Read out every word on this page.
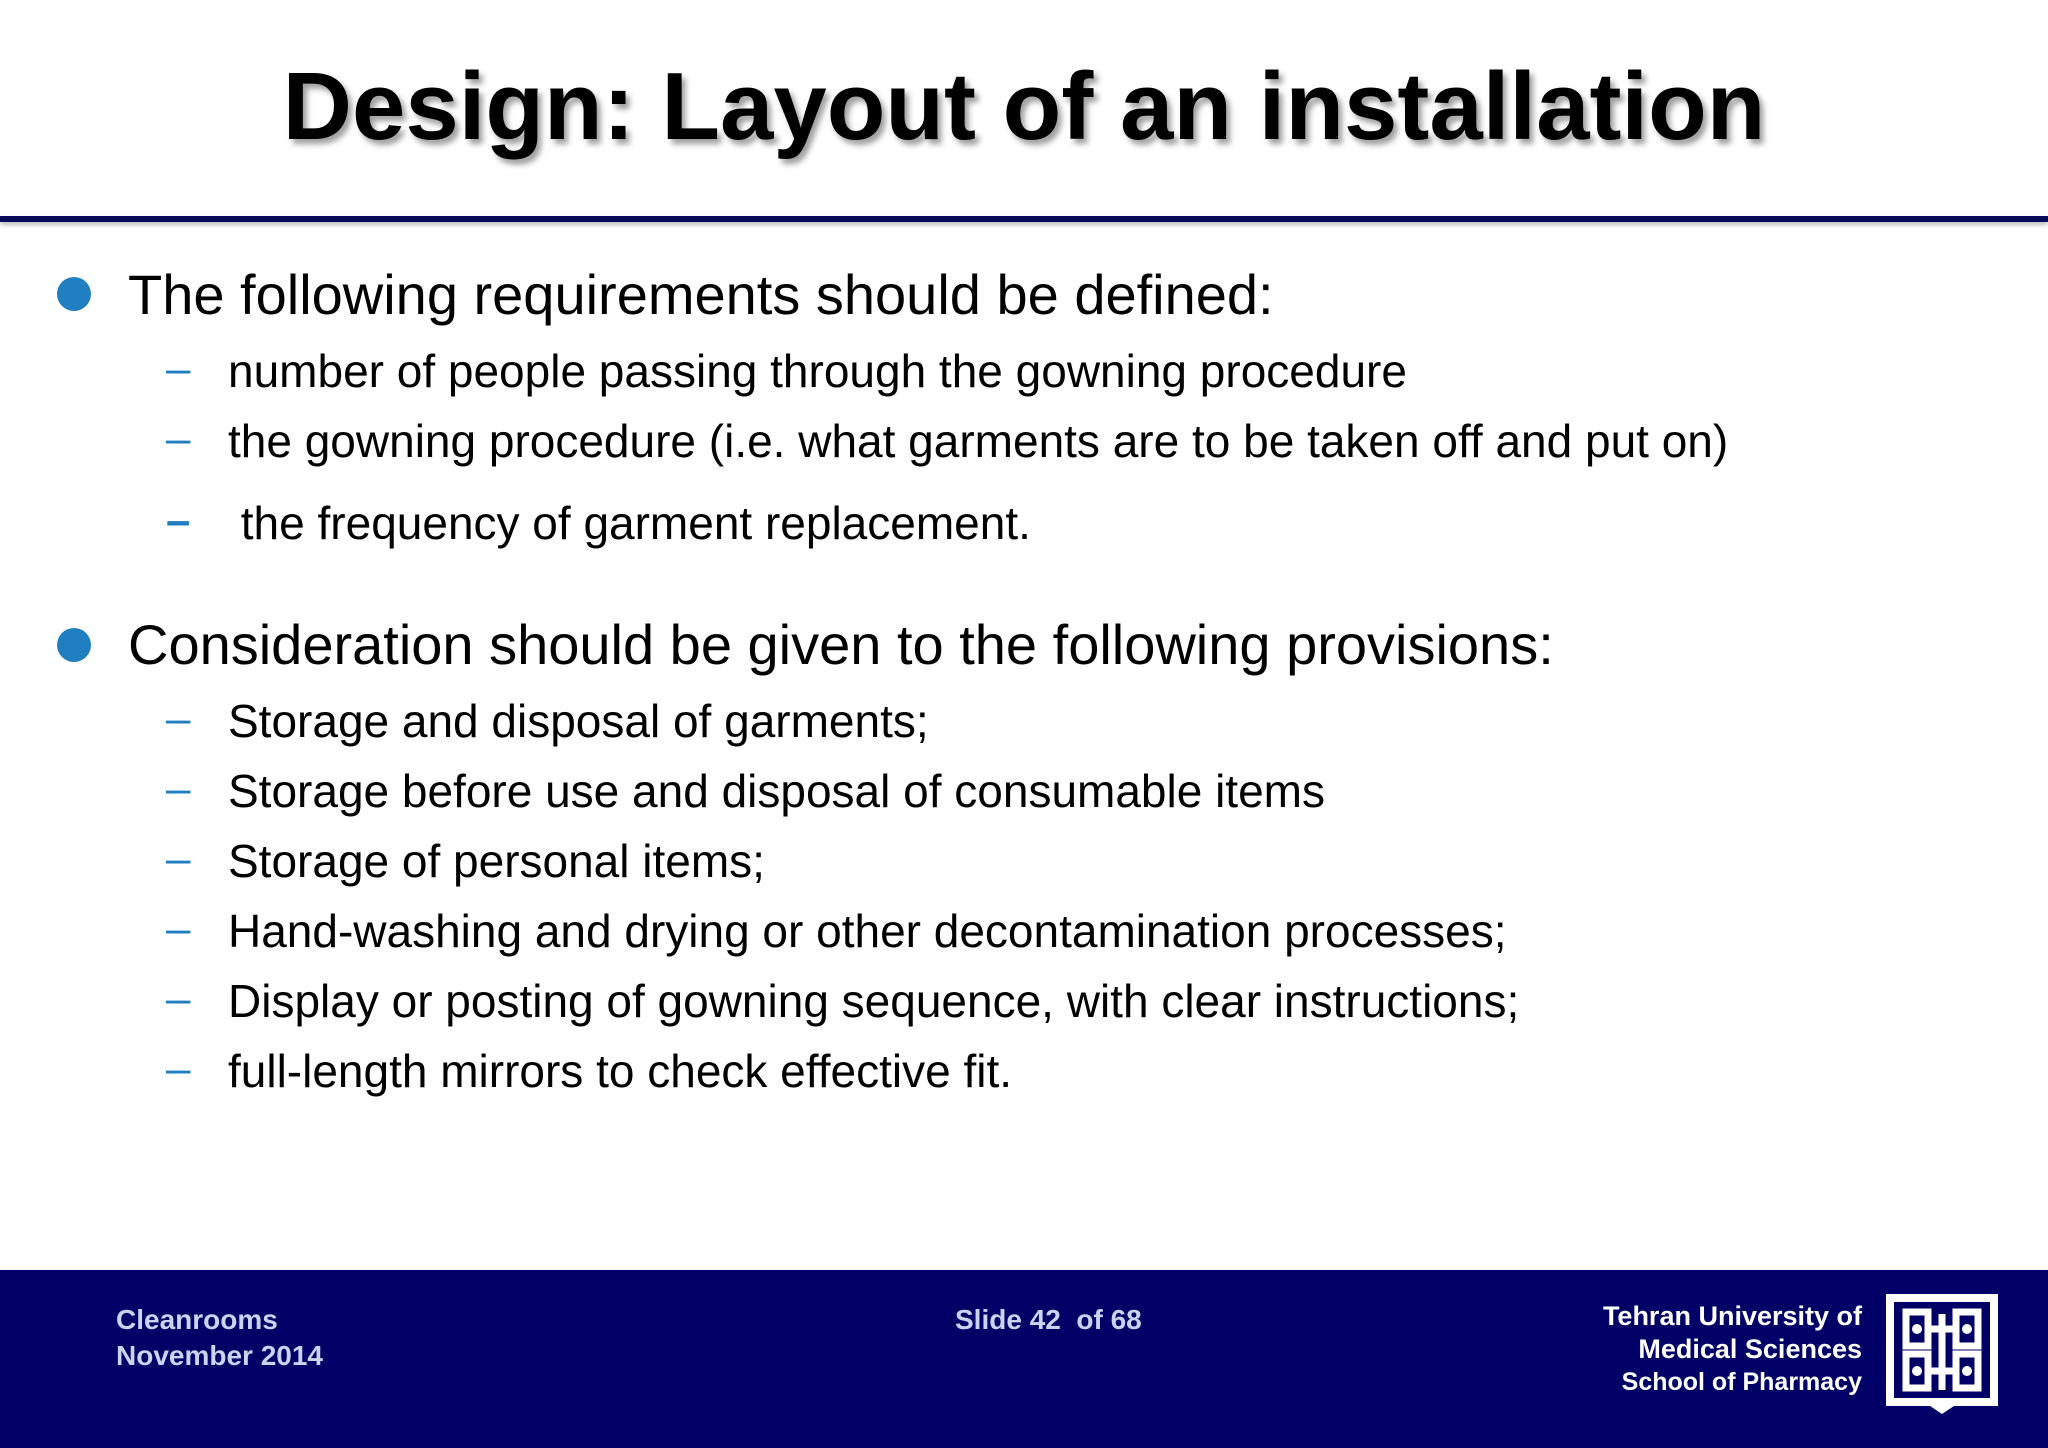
Design: Layout of an installation
The following requirements should be defined:
– number of people passing through the gowning procedure
– the gowning procedure (i.e. what garments are to be taken off and put on)
– the frequency of garment replacement.
Consideration should be given to the following provisions:
– Storage and disposal of garments;
– Storage before use and disposal of consumable items
– Storage of personal items;
– Hand-washing and drying or other decontamination processes;
– Display or posting of gowning sequence, with clear instructions;
– full-length mirrors to check effective fit.
Cleanrooms
November 2014
Slide 42  of 68	Tehran University of
Medical Sciences
School of Pharmacy
